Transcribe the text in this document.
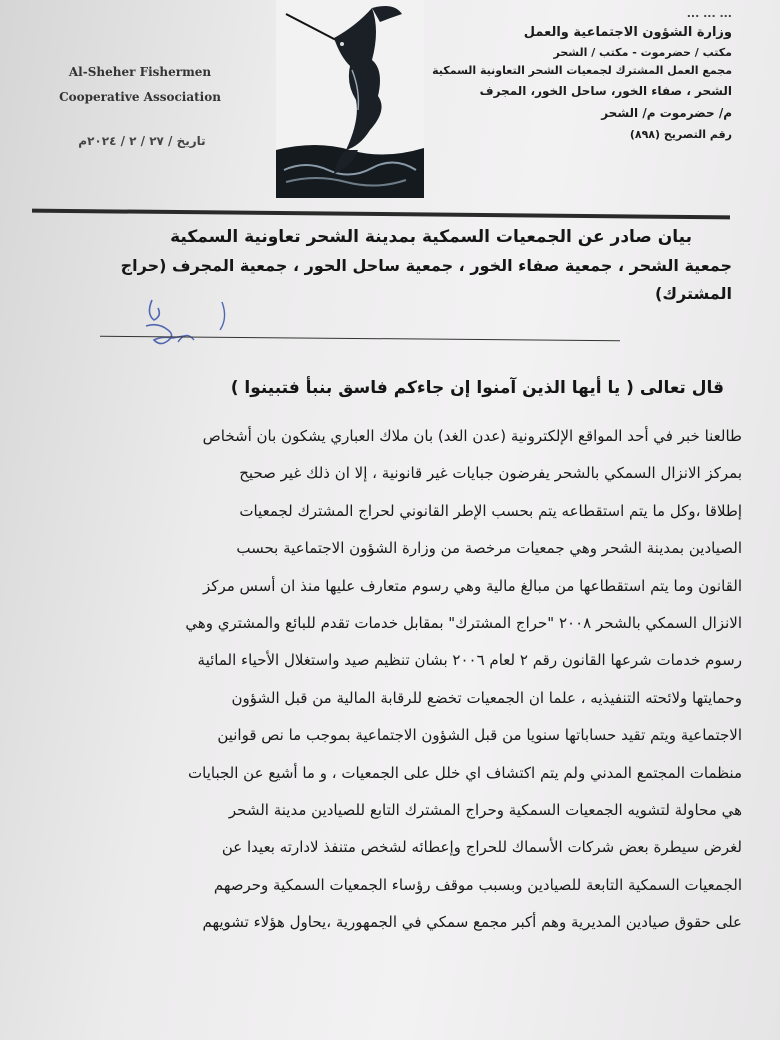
Al-Sheher Fishermen
Cooperative Association
تاريخ / ٢٧ / ٢ / ٢٠٢٤م
... ... ...
وزارة الشؤون الاجتماعية والعمل
مكتب / حضرموت - مكتب / الشحر
مجمع العمل المشترك لجمعيات الشحر التعاونية السمكية
الشحر ، صفاء الخور، ساحل الخور، المجرف
م/ حضرموت م/ الشحر
رقم التصريح (٨٩٨)
بيان صادر عن الجمعيات السمكية بمدينة الشحر تعاونية السمكية
جمعية الشحر ، جمعية صفاء الخور ، جمعية ساحل الحور ، جمعية المجرف (حراج المشترك)
قال تعالى ( يا أيها الذين آمنوا إن جاءكم فاسق بنبأ فتبينوا )
طالعنا خبر في أحد المواقع الإلكترونية (عدن الغد) بان ملاك العباري يشكون بان أشخاص
بمركز الانزال السمكي بالشحر يفرضون جبايات غير قانونية ، إلا ان ذلك غير صحيح
إطلاقا ،وكل ما يتم استقطاعه يتم بحسب الإطر القانوني لحراج المشترك لجمعيات
الصيادين بمدينة الشحر وهي جمعيات مرخصة من وزارة الشؤون الاجتماعية بحسب
القانون وما يتم استقطاعها من مبالغ مالية وهي رسوم متعارف عليها منذ ان أسس مركز
الانزال السمكي بالشحر ٢٠٠٨ "حراج المشترك" بمقابل خدمات تقدم للبائع والمشتري وهي
رسوم خدمات شرعها القانون رقم ٢ لعام ٢٠٠٦ بشان تنظيم صيد واستغلال الأحياء المائية
وحمايتها ولائحته التنفيذيه ، علما ان الجمعيات تخضع للرقابة المالية من قبل الشؤون
الاجتماعية ويتم تقيد حساباتها سنويا من قبل الشؤون الاجتماعية بموجب ما نص قوانين
منظمات المجتمع المدني ولم يتم اكتشاف اي خلل على الجمعيات ، و ما أشيع عن الجبايات
هي محاولة لتشويه الجمعيات السمكية وحراج المشترك التابع للصيادين مدينة الشحر
لغرض سيطرة بعض شركات الأسماك للحراج وإعطائه لشخص متنفذ لادارته بعيدا عن
الجمعيات السمكية التابعة للصيادين وبسبب موقف رؤساء الجمعيات السمكية وحرصهم
على حقوق صيادين المديرية وهم أكبر مجمع سمكي في الجمهورية ،يحاول هؤلاء تشويهم
